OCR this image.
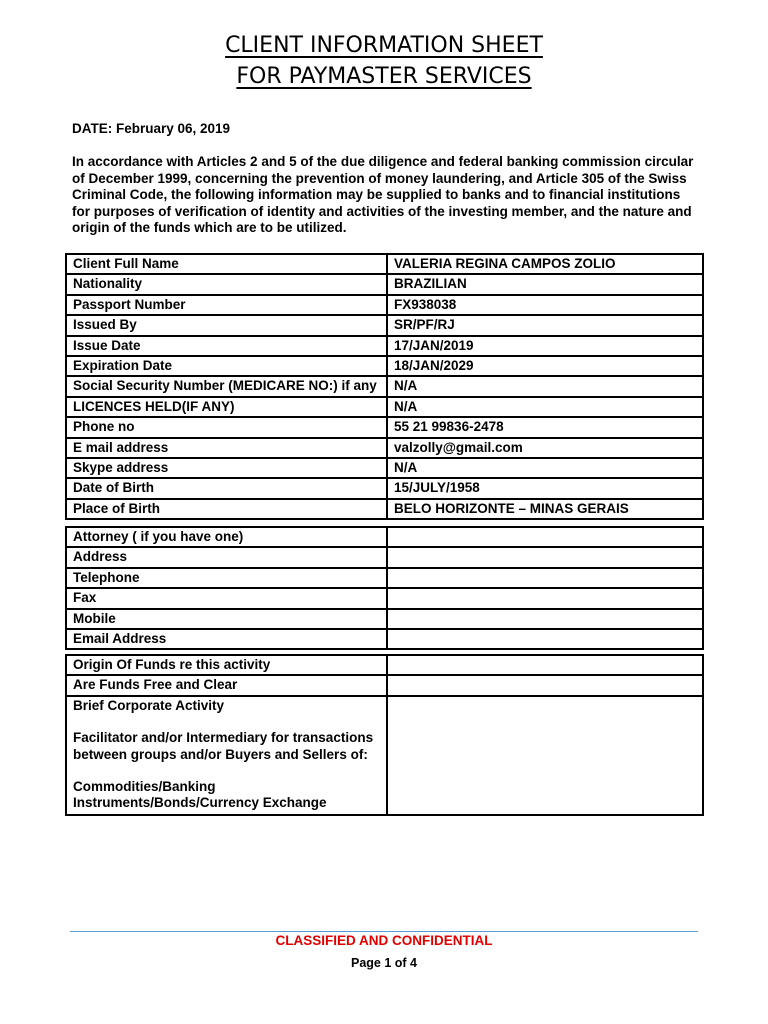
CLIENT INFORMATION SHEET
FOR PAYMASTER SERVICES
DATE: February 06, 2019

In accordance with Articles 2 and 5 of the due diligence and federal banking commission circular of December 1999, concerning the prevention of money laundering, and Article 305 of the Swiss Criminal Code, the following information may be supplied to banks and to financial institutions for purposes of verification of identity and activities of the investing member, and the nature and origin of the funds which are to be utilized.

Client Full Name	VALERIA REGINA CAMPOS ZOLIO
Nationality	BRAZILIAN
Passport Number	FX938038
Issued By	SR/PF/RJ
Issue Date	17/JAN/2019
Expiration Date	18/JAN/2029
Social Security Number (MEDICARE NO:) if any	N/A
LICENCES HELD(IF ANY)	N/A
Phone no	55 21 99836-2478
E mail address	valzolly@gmail.com
Skype address	N/A
Date of Birth	15/JULY/1958
Place of Birth	BELO HORIZONTE – MINAS GERAIS
Attorney ( if you have one)	
Address	
Telephone	
Fax	
Mobile	
Email Address	
Origin Of Funds re this activity	
Are Funds Free and Clear	

Brief Corporate Activity
Facilitator and/or Intermediary for transactions between groups and/or Buyers and Sellers of:
Commodities/Banking Instruments/Bonds/Currency Exchange	

CLASSIFIED AND CONFIDENTIAL
Page 1 of 4
